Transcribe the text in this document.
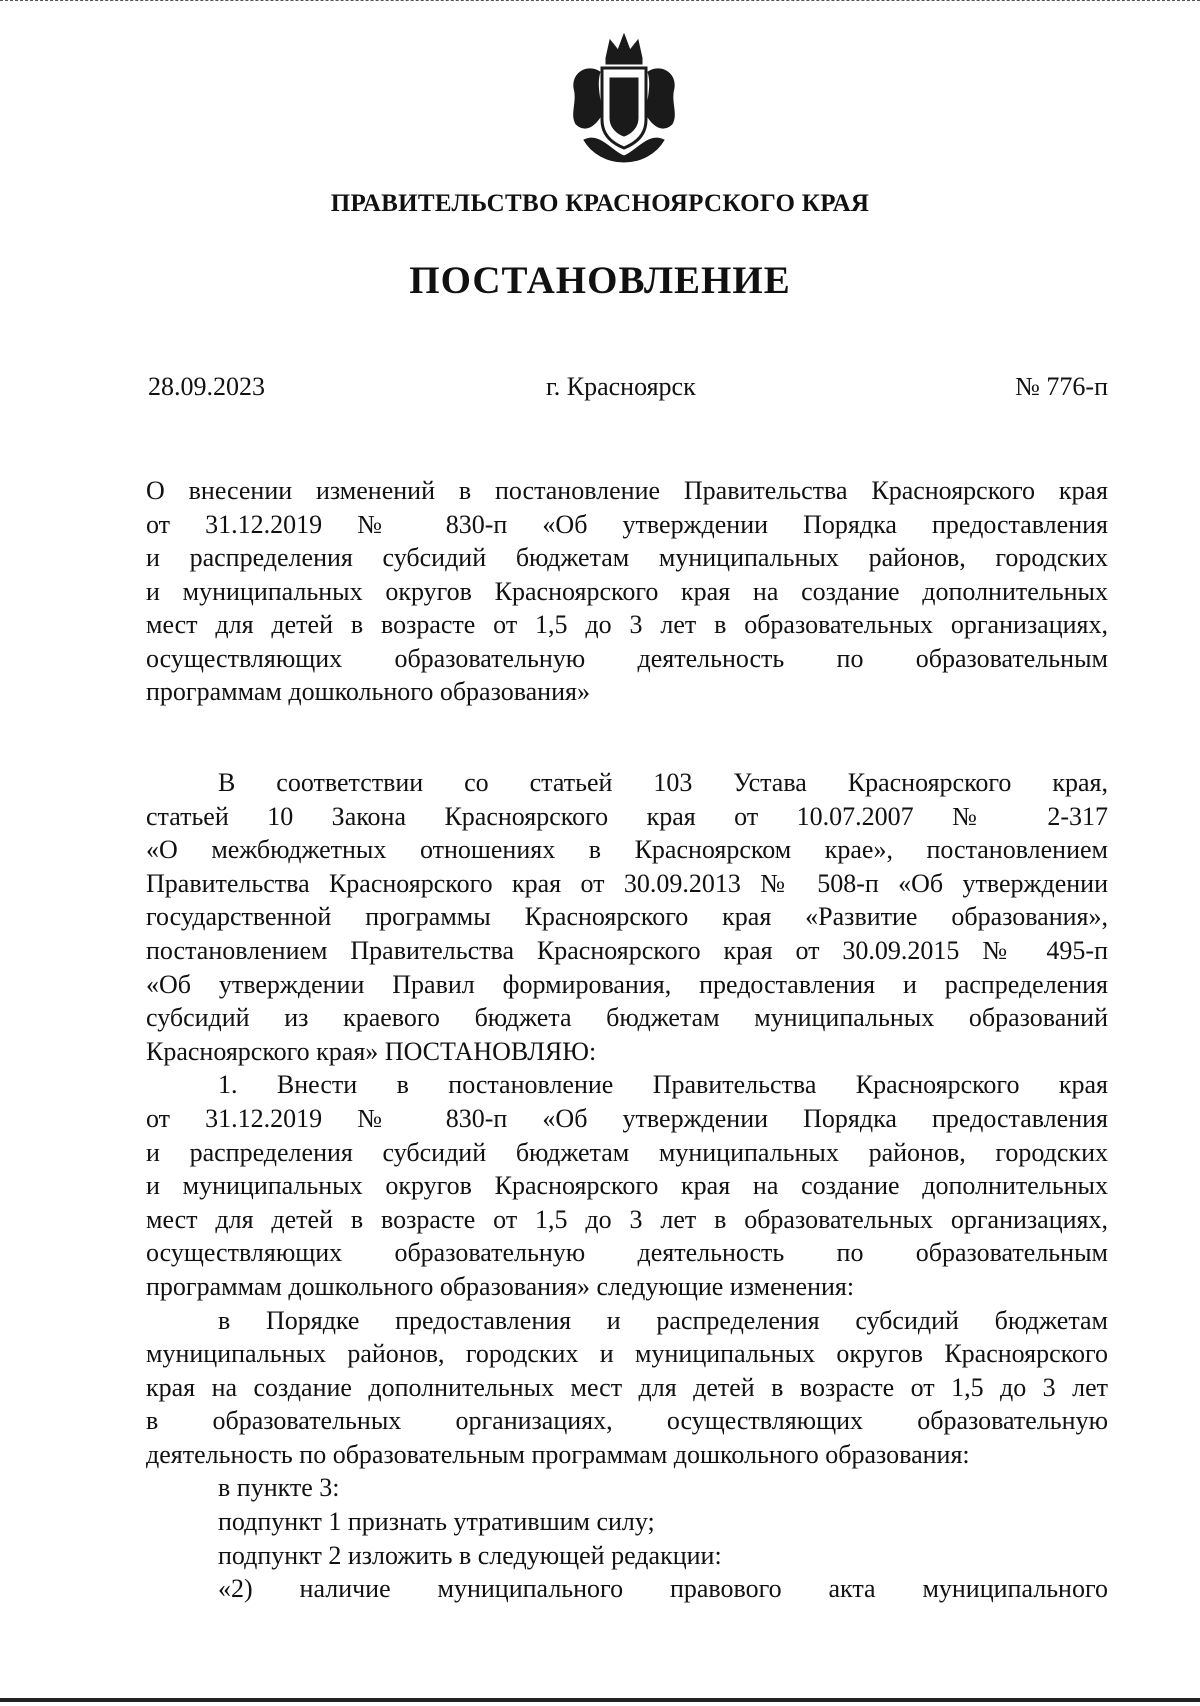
ПРАВИТЕЛЬСТВО КРАСНОЯРСКОГО КРАЯ
ПОСТАНОВЛЕНИЕ
28.09.2023	г. Красноярск	№ 776-п
О внесении изменений в постановление Правительства Красноярского края
от 31.12.2019 № 830-п «Об утверждении Порядка предоставления
и распределения субсидий бюджетам муниципальных районов, городских
и муниципальных округов Красноярского края на создание дополнительных
мест для детей в возрасте от 1,5 до 3 лет в образовательных организациях,
осуществляющих образовательную деятельность по образовательным
программам дошкольного образования»
В соответствии со статьей 103 Устава Красноярского края,
статьей 10 Закона Красноярского края от 10.07.2007 № 2-317
«О межбюджетных отношениях в Красноярском крае», постановлением
Правительства Красноярского края от 30.09.2013 № 508-п «Об утверждении
государственной программы Красноярского края «Развитие образования»,
постановлением Правительства Красноярского края от 30.09.2015 № 495-п
«Об утверждении Правил формирования, предоставления и распределения
субсидий из краевого бюджета бюджетам муниципальных образований
Красноярского края» ПОСТАНОВЛЯЮ:
1. Внести в постановление Правительства Красноярского края
от 31.12.2019 № 830-п «Об утверждении Порядка предоставления
и распределения субсидий бюджетам муниципальных районов, городских
и муниципальных округов Красноярского края на создание дополнительных
мест для детей в возрасте от 1,5 до 3 лет в образовательных организациях,
осуществляющих образовательную деятельность по образовательным
программам дошкольного образования» следующие изменения:
в Порядке предоставления и распределения субсидий бюджетам
муниципальных районов, городских и муниципальных округов Красноярского
края на создание дополнительных мест для детей в возрасте от 1,5 до 3 лет
в образовательных организациях, осуществляющих образовательную
деятельность по образовательным программам дошкольного образования:
в пункте 3:
подпункт 1 признать утратившим силу;
подпункт 2 изложить в следующей редакции:
«2) наличие муниципального правового акта муниципального
